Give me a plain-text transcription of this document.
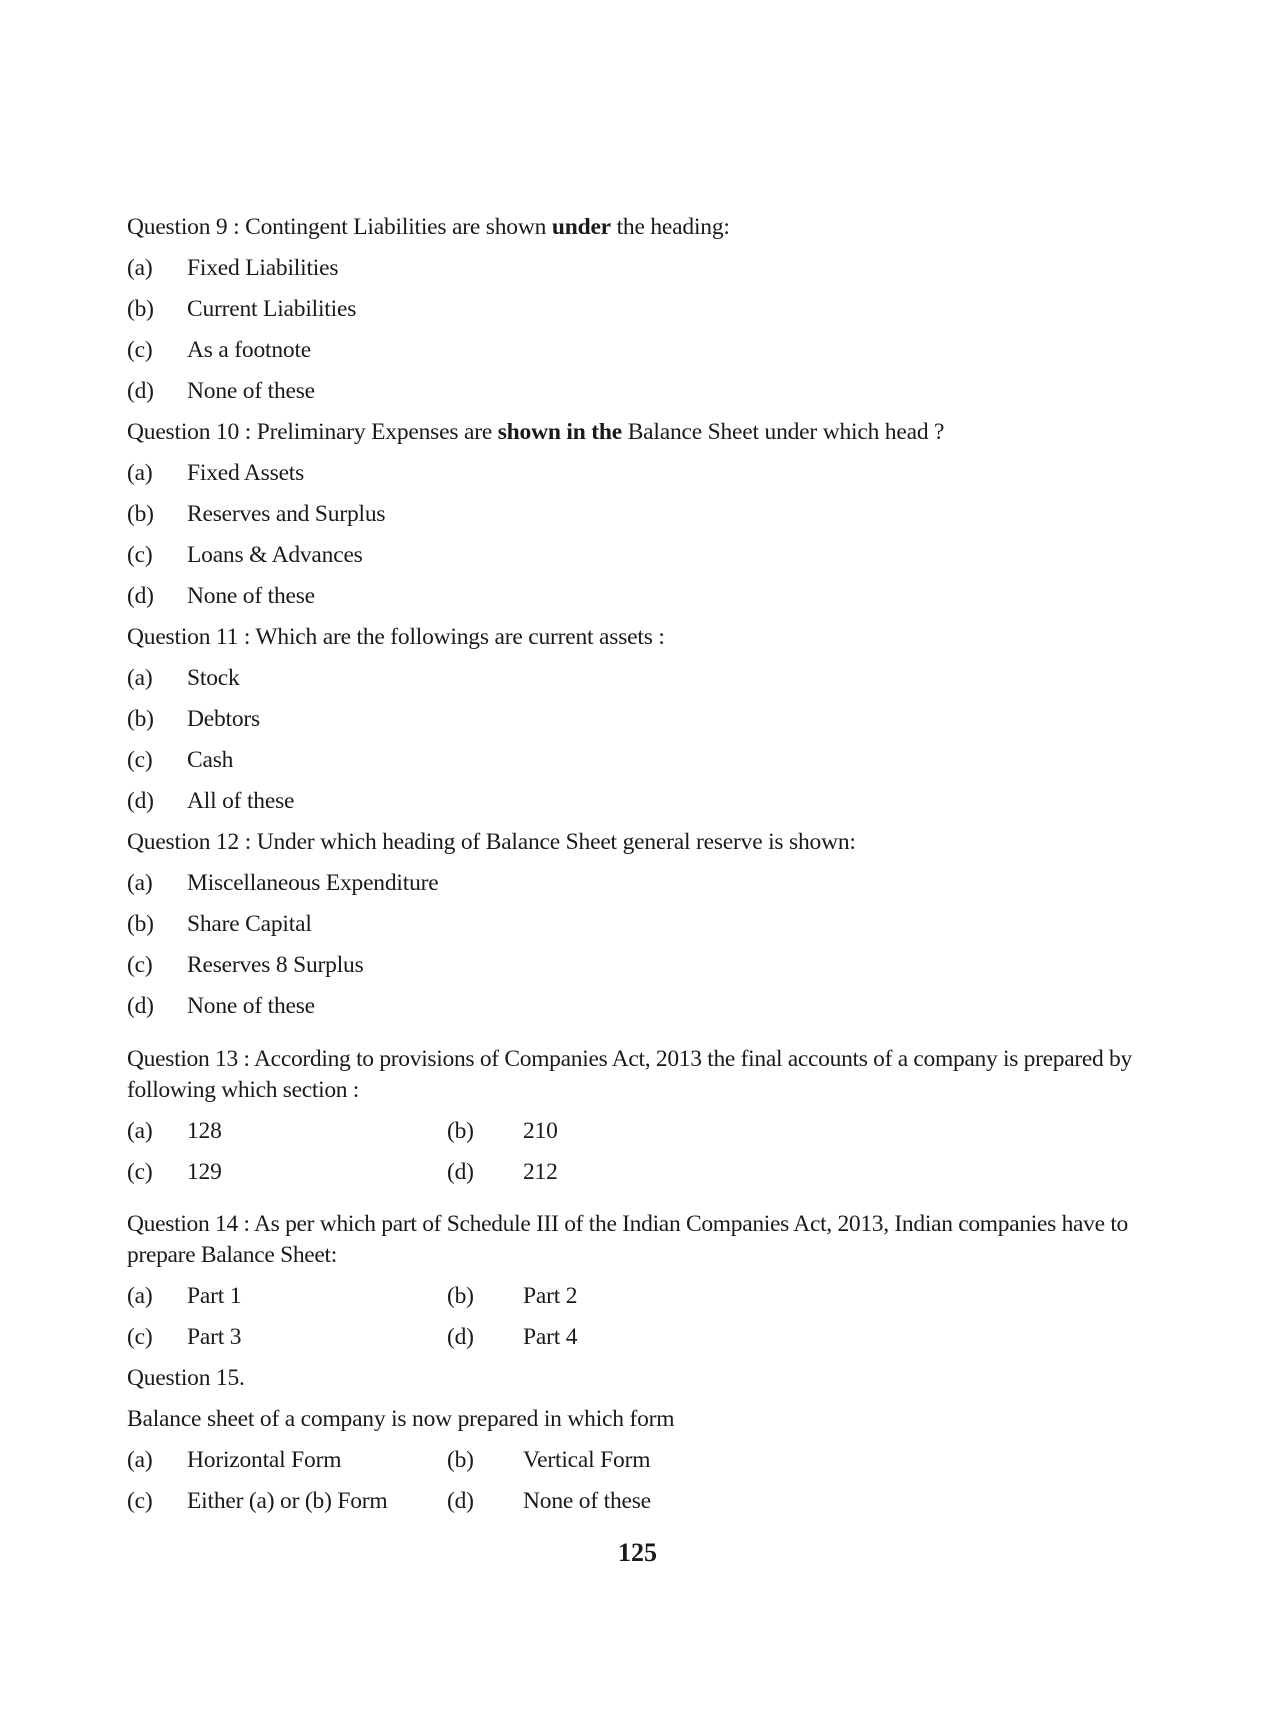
Question 9 : Contingent Liabilities are shown under the heading:

(a)	Fixed Liabilities
(b)	Current Liabilities
(c)	As a footnote
(d)	None of these

Question 10 : Preliminary Expenses are shown in the Balance Sheet under which head ?

(a)	Fixed Assets
(b)	Reserves and Surplus
(c)	Loans & Advances
(d)	None of these

Question 11 : Which are the followings are current assets :

(a)	Stock
(b)	Debtors
(c)	Cash
(d)	All of these

Question 12 : Under which heading of Balance Sheet general reserve is shown:

(a)	Miscellaneous Expenditure
(b)	Share Capital
(c)	Reserves 8 Surplus
(d)	None of these

Question 13 : According to provisions of Companies Act, 2013 the final accounts of a company is prepared by following which section :

(a)	128	(b)	210
(c)	129	(d)	212

Question 14 : As per which part of Schedule III of the Indian Companies Act, 2013, Indian companies have to prepare Balance Sheet:

(a)	Part 1	(b)	Part 2
(c)	Part 3	(d)	Part 4

Question 15.

Balance sheet of a company is now prepared in which form

(a)	Horizontal Form	(b)	Vertical Form
(c)	Either (a) or (b) Form	(d)	None of these
125
